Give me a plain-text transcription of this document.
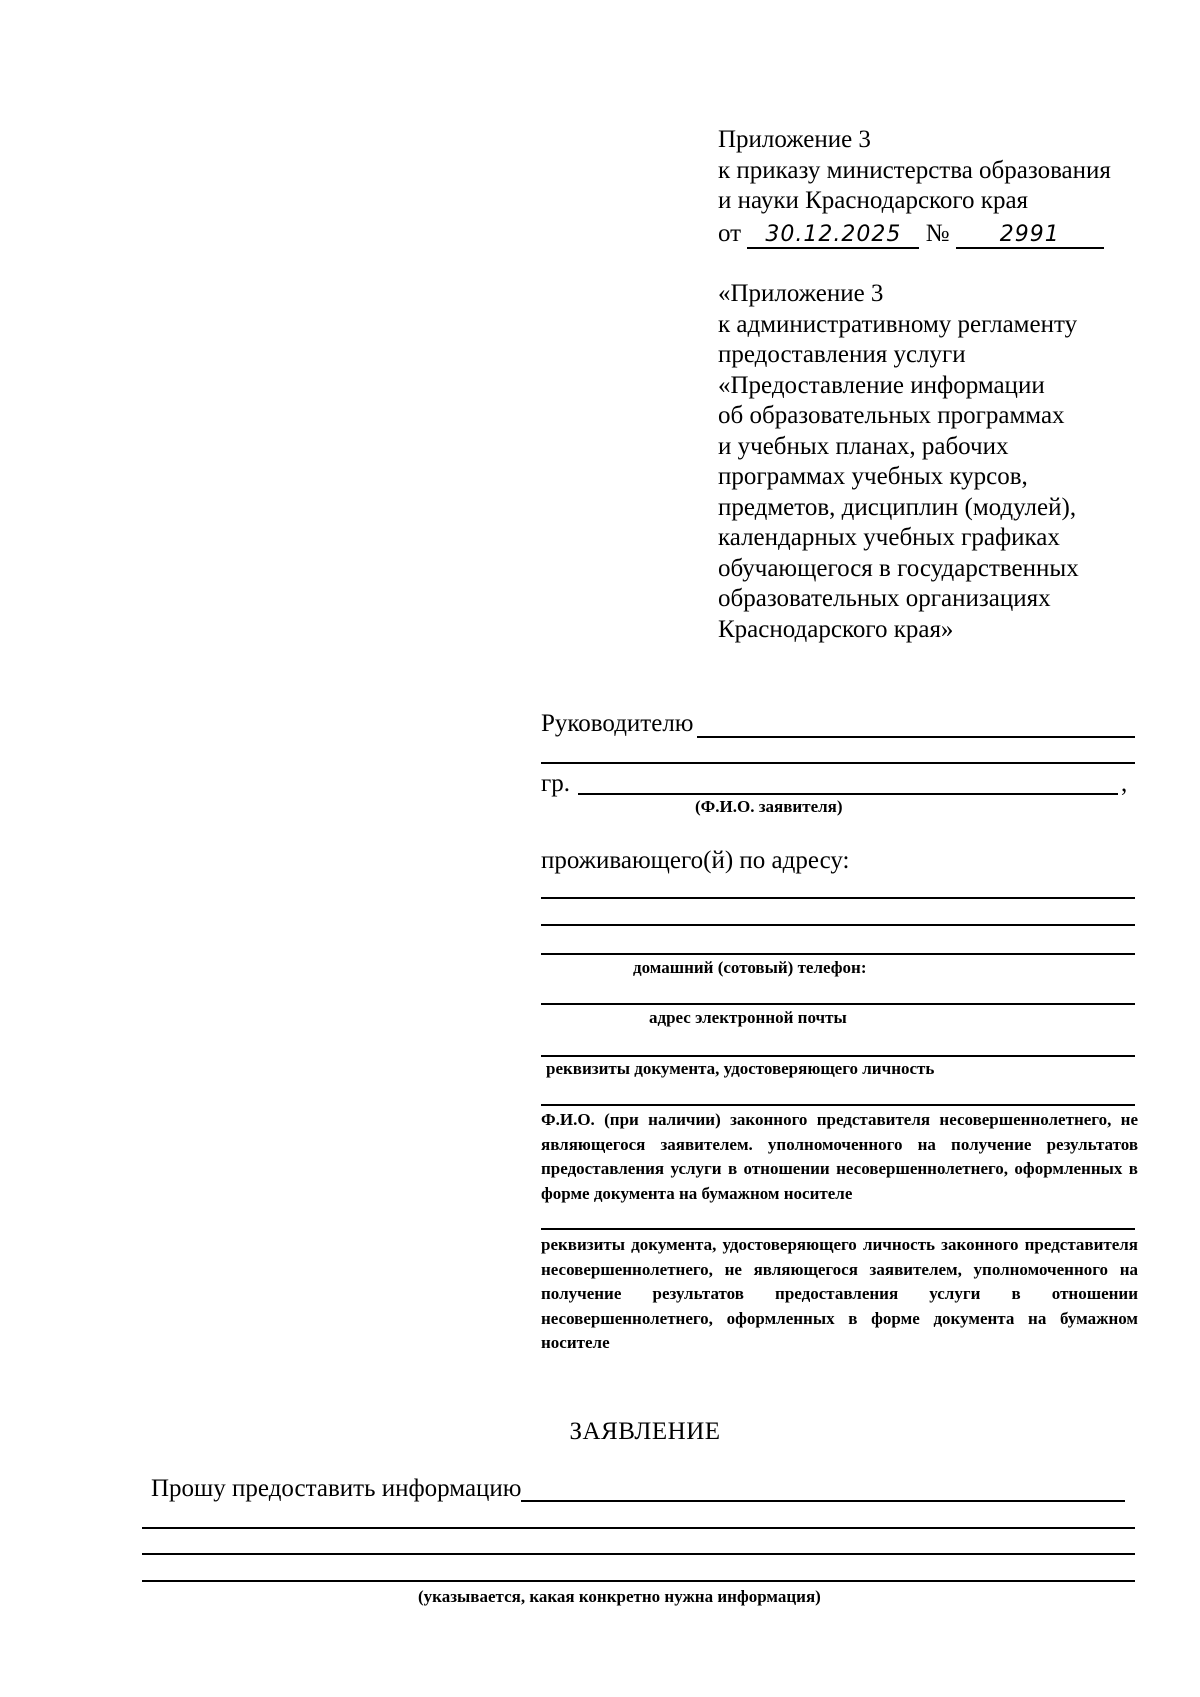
Приложение 3
к приказу министерства образования
и науки Краснодарского края
от 30.12.2025 № 2991
«Приложение 3
к административному регламенту
предоставления услуги
«Предоставление информации
об образовательных программах
и учебных планах, рабочих
программах учебных курсов,
предметов, дисциплин (модулей),
календарных учебных графиках
обучающегося в государственных
образовательных организациях
Краснодарского края»
Руководителю
гр.	,
(Ф.И.О. заявителя)
проживающего(й) по адресу:
домашний (сотовый) телефон:
адрес электронной почты
реквизиты документа, удостоверяющего личность
Ф.И.О. (при наличии) законного представителя несовершеннолетнего, не являющегося заявителем. уполномоченного на получение результатов предоставления услуги в отношении несовершеннолетнего, оформленных в форме документа на бумажном носителе
реквизиты документа, удостоверяющего личность законного представителя несовершеннолетнего, не являющегося заявителем, уполномоченного на получение результатов предоставления услуги в отношении несовершеннолетнего, оформленных в форме документа на бумажном носителе
ЗАЯВЛЕНИЕ
Прошу предоставить информацию
(указывается, какая конкретно нужна информация)
